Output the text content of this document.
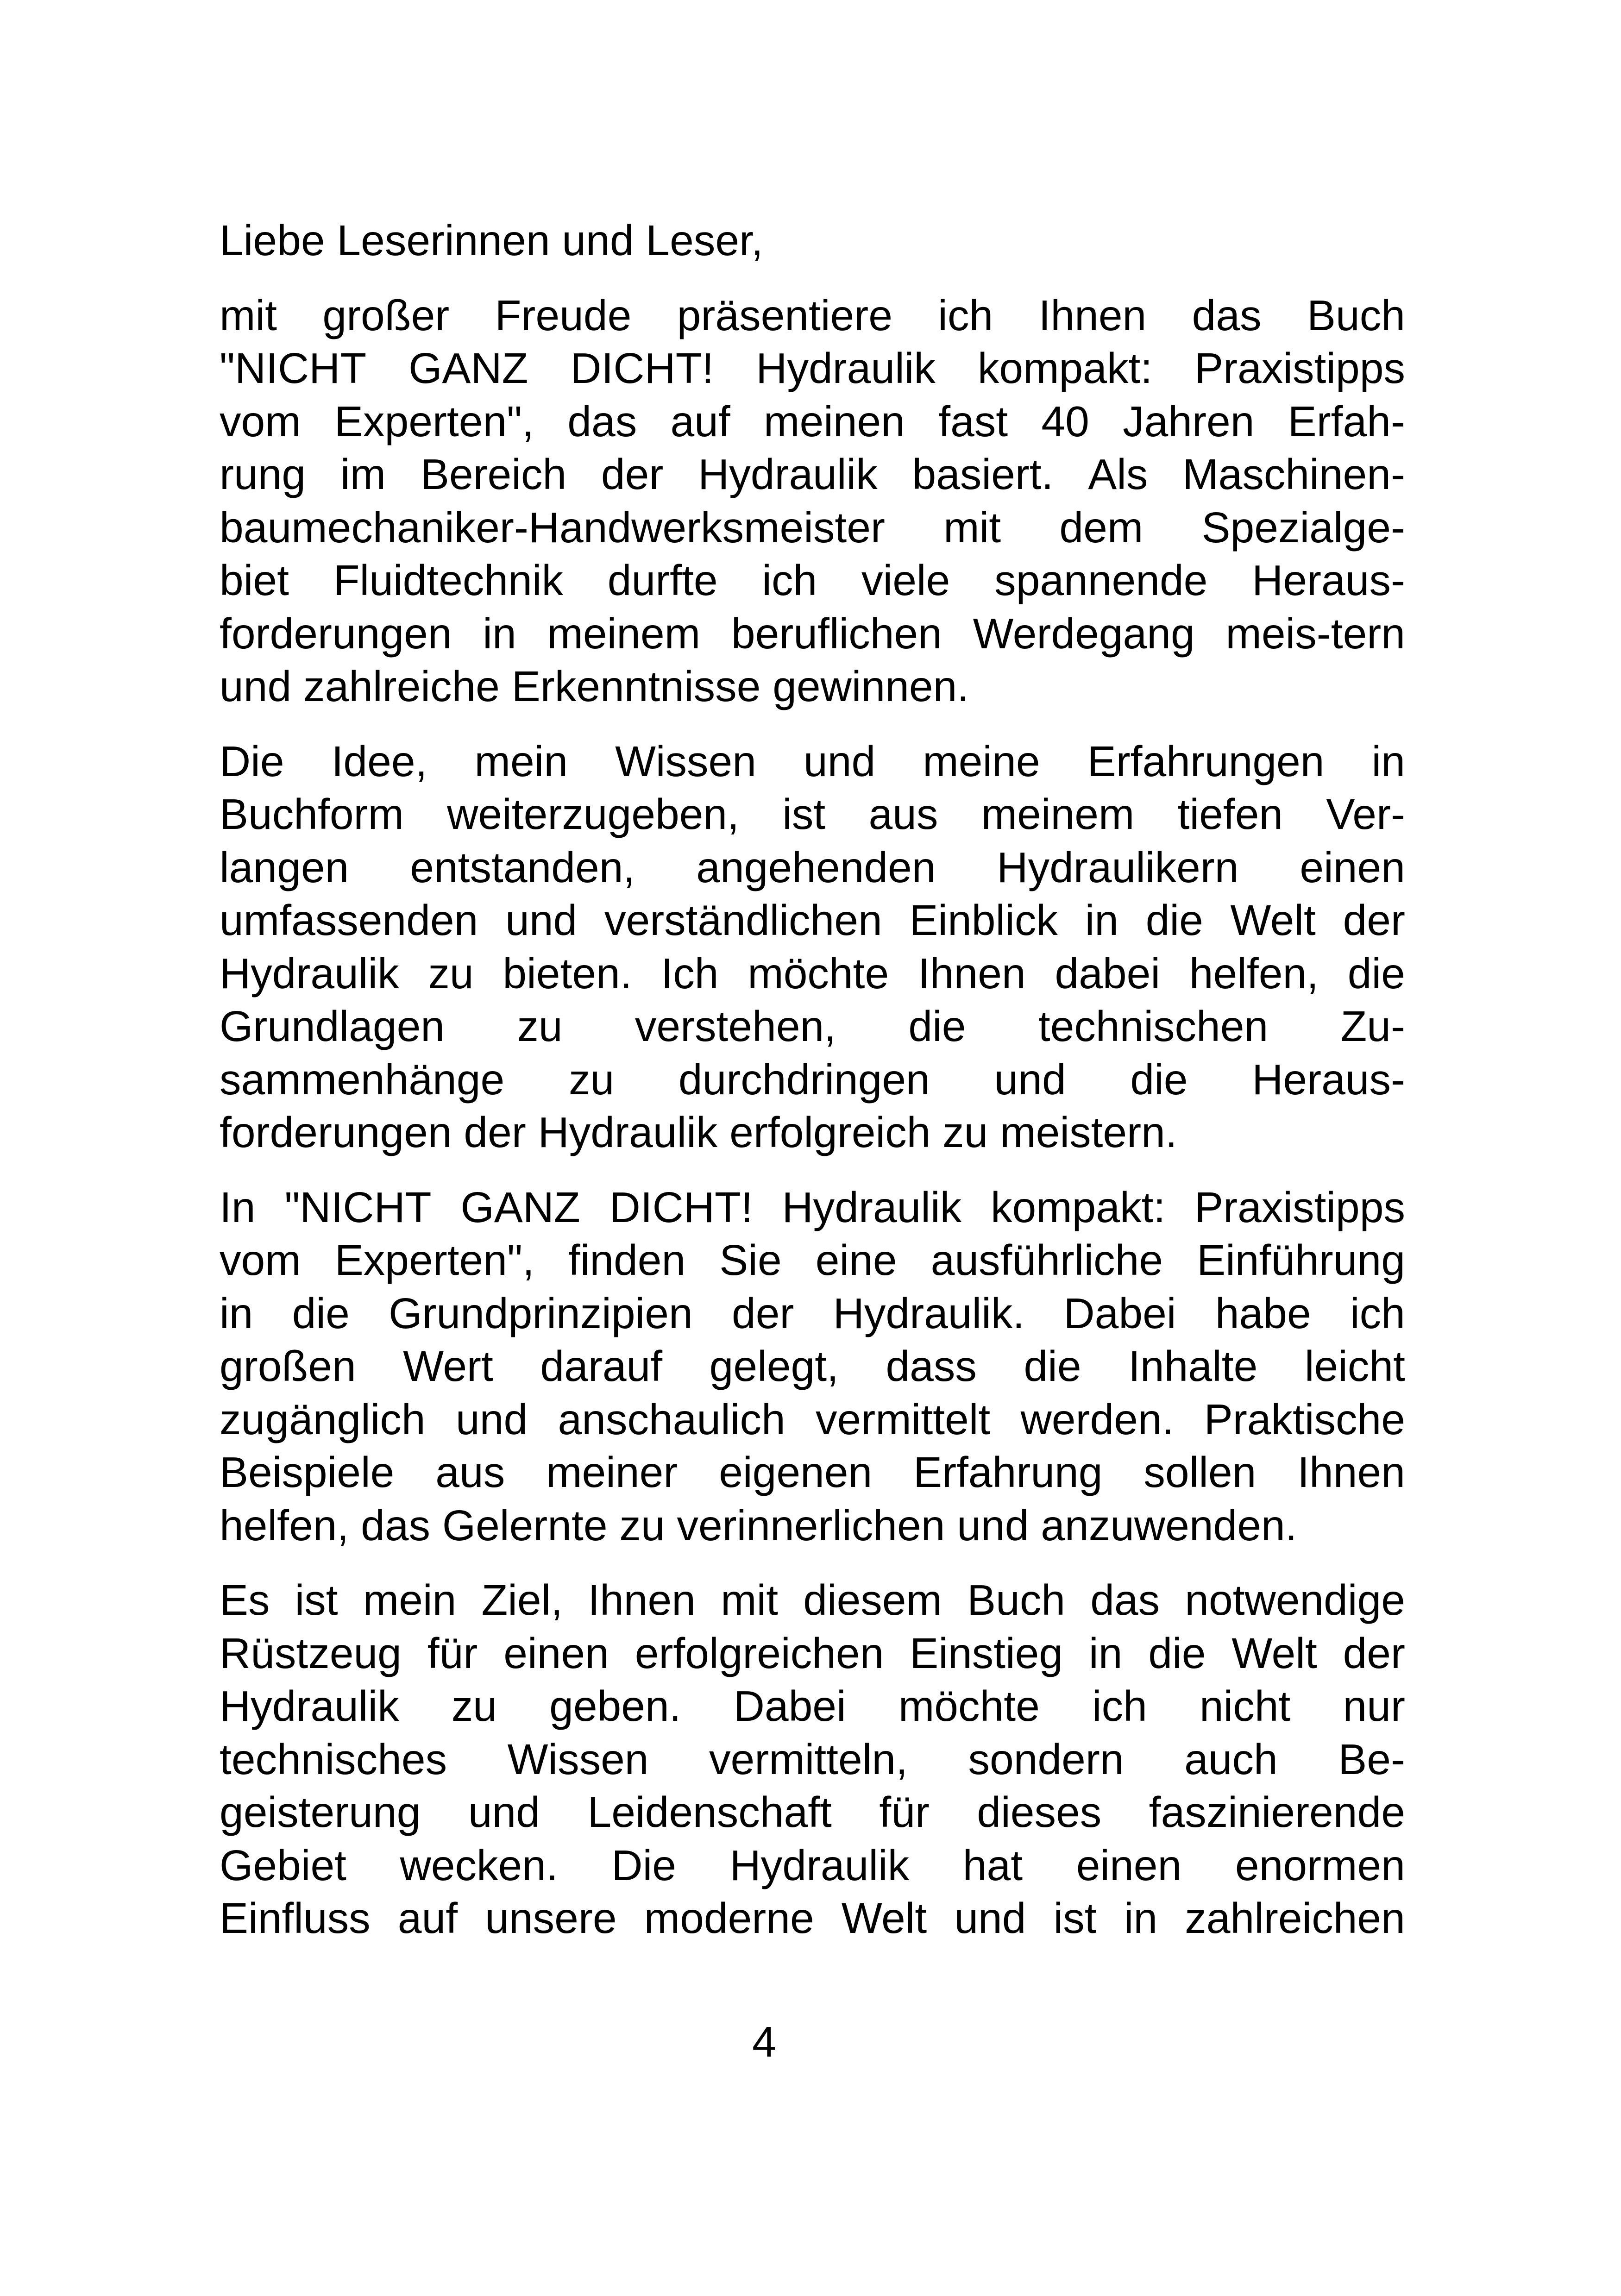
Liebe Leserinnen und Leser,
mit großer Freude präsentiere ich Ihnen das Buch
"NICHT GANZ DICHT! Hydraulik kompakt: Praxistipps
vom Experten", das auf meinen fast 40 Jahren Erfah-
rung im Bereich der Hydraulik basiert. Als Maschinen-
baumechaniker-Handwerksmeister mit dem Spezialge-
biet Fluidtechnik durfte ich viele spannende Heraus-
forderungen in meinem beruflichen Werdegang meis-tern
und zahlreiche Erkenntnisse gewinnen.
Die Idee, mein Wissen und meine Erfahrungen in
Buchform weiterzugeben, ist aus meinem tiefen Ver-
langen entstanden, angehenden Hydraulikern einen
umfassenden und verständlichen Einblick in die Welt der
Hydraulik zu bieten. Ich möchte Ihnen dabei helfen, die
Grundlagen zu verstehen, die technischen Zu-
sammenhänge zu durchdringen und die Heraus-
forderungen der Hydraulik erfolgreich zu meistern.
In "NICHT GANZ DICHT! Hydraulik kompakt: Praxistipps
vom Experten", finden Sie eine ausführliche Einführung
in die Grundprinzipien der Hydraulik. Dabei habe ich
großen Wert darauf gelegt, dass die Inhalte leicht
zugänglich und anschaulich vermittelt werden. Praktische
Beispiele aus meiner eigenen Erfahrung sollen Ihnen
helfen, das Gelernte zu verinnerlichen und anzuwenden.
Es ist mein Ziel, Ihnen mit diesem Buch das notwendige
Rüstzeug für einen erfolgreichen Einstieg in die Welt der
Hydraulik zu geben. Dabei möchte ich nicht nur
technisches Wissen vermitteln, sondern auch Be-
geisterung und Leidenschaft für dieses faszinierende
Gebiet wecken. Die Hydraulik hat einen enormen
Einfluss auf unsere moderne Welt und ist in zahlreichen
4
